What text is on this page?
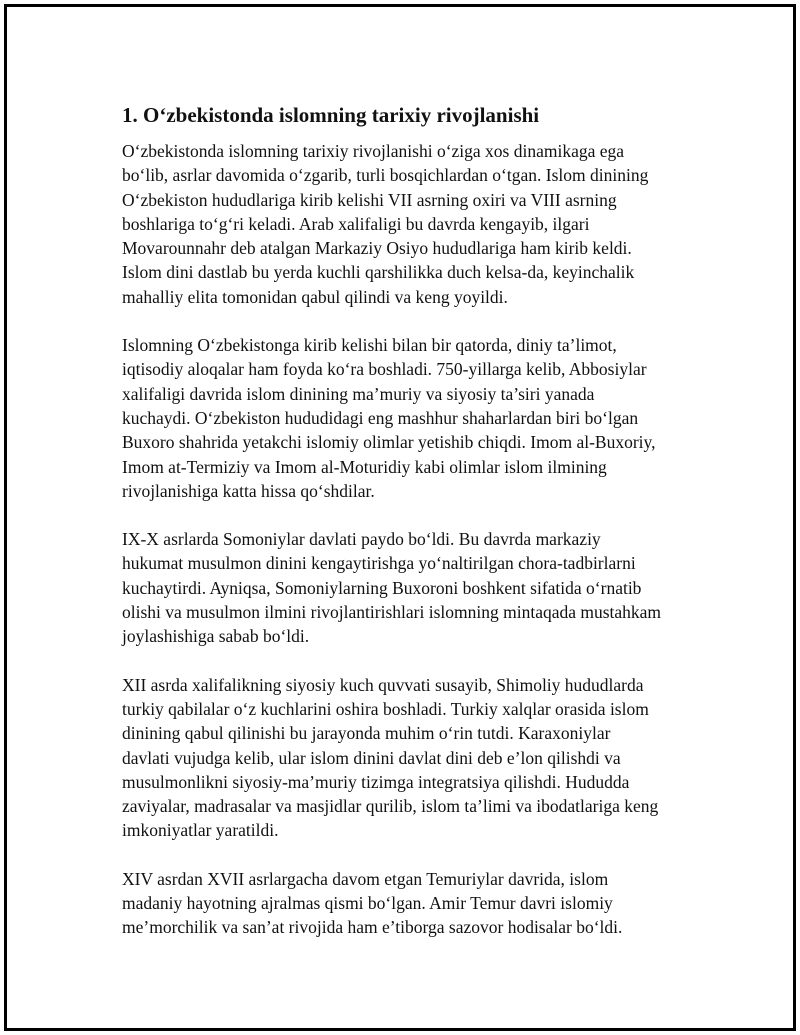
1. O‘zbekistonda islomning tarixiy rivojlanishi

O‘zbekistonda islomning tarixiy rivojlanishi o‘ziga xos dinamikaga ega
bo‘lib, asrlar davomida o‘zgarib, turli bosqichlardan o‘tgan. Islom dinining
O‘zbekiston hududlariga kirib kelishi VII asrning oxiri va VIII asrning
boshlariga to‘g‘ri keladi. Arab xalifaligi bu davrda kengayib, ilgari
Movarounnahr deb atalgan Markaziy Osiyo hududlariga ham kirib keldi.
Islom dini dastlab bu yerda kuchli qarshilikka duch kelsa-da, keyinchalik
mahalliy elita tomonidan qabul qilindi va keng yoyildi.

Islomning O‘zbekistonga kirib kelishi bilan bir qatorda, diniy ta’limot,
iqtisodiy aloqalar ham foyda ko‘ra boshladi. 750-yillarga kelib, Abbosiylar
xalifaligi davrida islom dinining ma’muriy va siyosiy ta’siri yanada
kuchaydi. O‘zbekiston hududidagi eng mashhur shaharlardan biri bo‘lgan
Buxoro shahrida yetakchi islomiy olimlar yetishib chiqdi. Imom al-Buxoriy,
Imom at-Termiziy va Imom al-Moturidiy kabi olimlar islom ilmining
rivojlanishiga katta hissa qo‘shdilar.

IX-X asrlarda Somoniylar davlati paydo bo‘ldi. Bu davrda markaziy
hukumat musulmon dinini kengaytirishga yo‘naltirilgan chora-tadbirlarni
kuchaytirdi. Ayniqsa, Somoniylarning Buxoroni boshkent sifatida o‘rnatib
olishi va musulmon ilmini rivojlantirishlari islomning mintaqada mustahkam
joylashishiga sabab bo‘ldi.

XII asrda xalifalikning siyosiy kuch quvvati susayib, Shimoliy hududlarda
turkiy qabilalar o‘z kuchlarini oshira boshladi. Turkiy xalqlar orasida islom
dinining qabul qilinishi bu jarayonda muhim o‘rin tutdi. Karaxoniylar
davlati vujudga kelib, ular islom dinini davlat dini deb e’lon qilishdi va
musulmonlikni siyosiy-ma’muriy tizimga integratsiya qilishdi. Hududda
zaviyalar, madrasalar va masjidlar qurilib, islom ta’limi va ibodatlariga keng
imkoniyatlar yaratildi.

XIV asrdan XVII asrlargacha davom etgan Temuriylar davrida, islom
madaniy hayotning ajralmas qismi bo‘lgan. Amir Temur davri islomiy
me’morchilik va san’at rivojida ham e’tiborga sazovor hodisalar bo‘ldi.
